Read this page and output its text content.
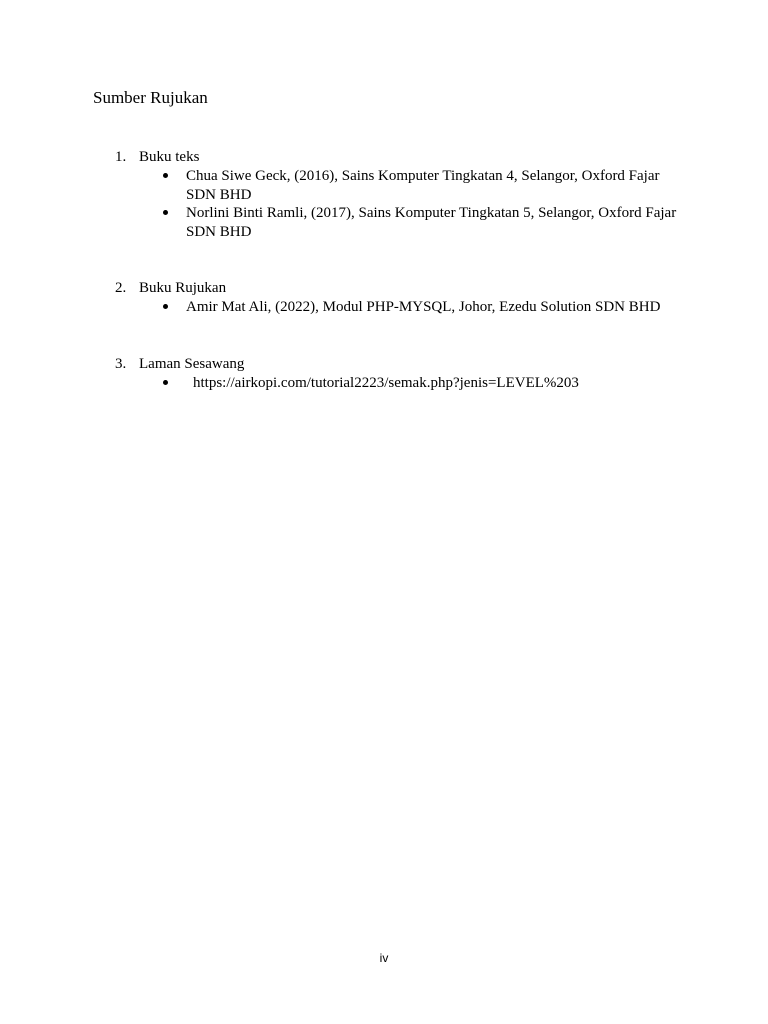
Sumber Rujukan
1. Buku teks
Chua Siwe Geck, (2016), Sains Komputer Tingkatan 4, Selangor, Oxford Fajar SDN BHD
Norlini Binti Ramli, (2017), Sains Komputer Tingkatan 5, Selangor, Oxford Fajar SDN BHD
2. Buku Rujukan
Amir Mat Ali, (2022), Modul PHP-MYSQL, Johor, Ezedu Solution SDN BHD
3. Laman Sesawang
https://airkopi.com/tutorial2223/semak.php?jenis=LEVEL%203
iv
